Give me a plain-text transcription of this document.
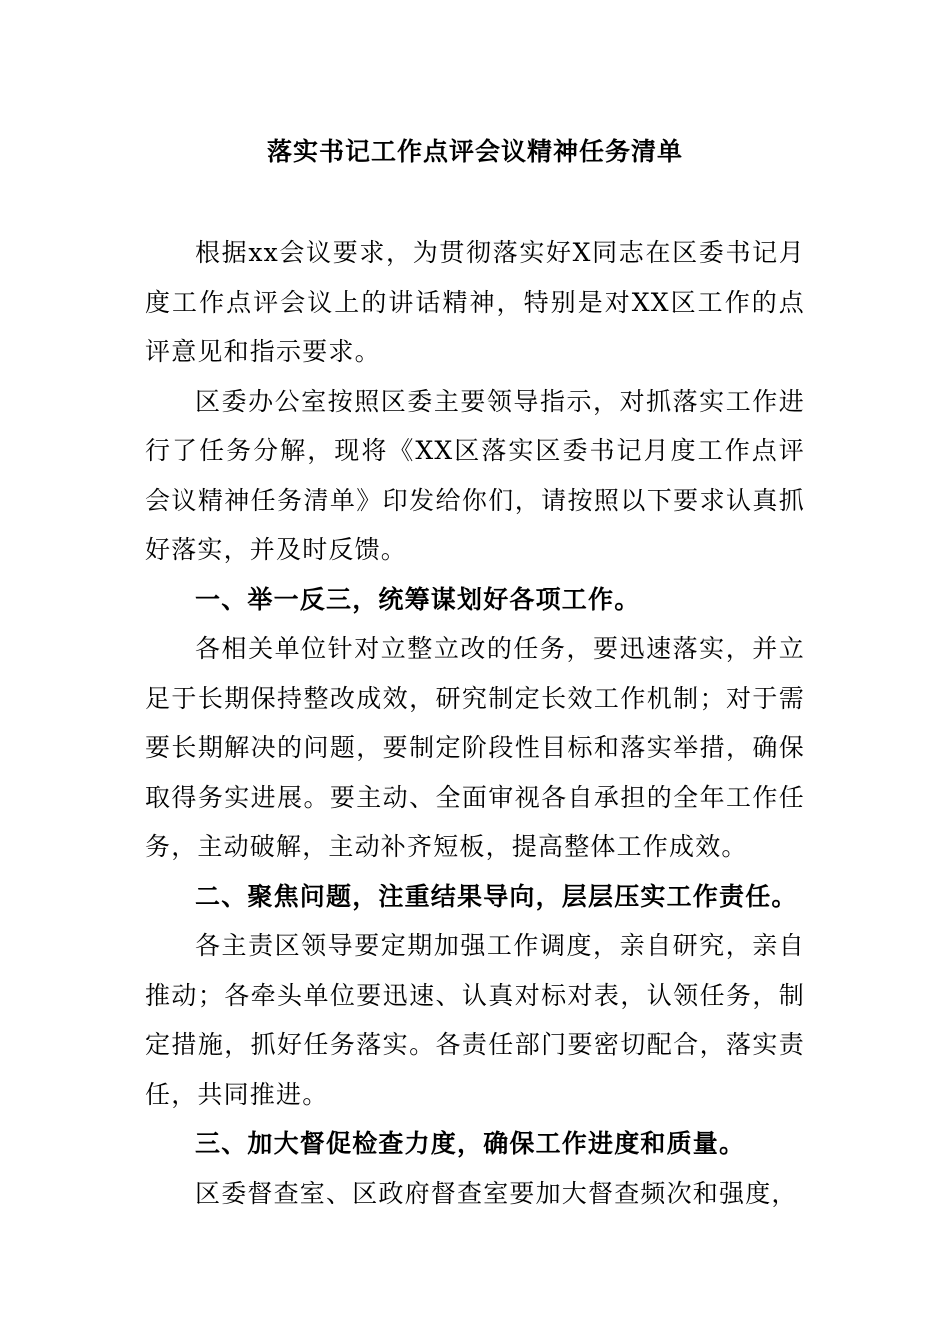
落实书记工作点评会议精神任务清单

根据xx会议要求，为贯彻落实好X同志在区委书记月度工作点评会议上的讲话精神，特别是对XX区工作的点评意见和指示要求。

区委办公室按照区委主要领导指示，对抓落实工作进行了任务分解，现将《XX区落实区委书记月度工作点评会议精神任务清单》印发给你们，请按照以下要求认真抓好落实，并及时反馈。

一、举一反三，统筹谋划好各项工作。

各相关单位针对立整立改的任务，要迅速落实，并立足于长期保持整改成效，研究制定长效工作机制；对于需要长期解决的问题，要制定阶段性目标和落实举措，确保取得务实进展。要主动、全面审视各自承担的全年工作任务，主动破解，主动补齐短板，提高整体工作成效。

二、聚焦问题，注重结果导向，层层压实工作责任。

各主责区领导要定期加强工作调度，亲自研究，亲自推动；各牵头单位要迅速、认真对标对表，认领任务，制定措施，抓好任务落实。各责任部门要密切配合，落实责任，共同推进。

三、加大督促检查力度，确保工作进度和质量。

区委督查室、区政府督查室要加大督查频次和强度，
